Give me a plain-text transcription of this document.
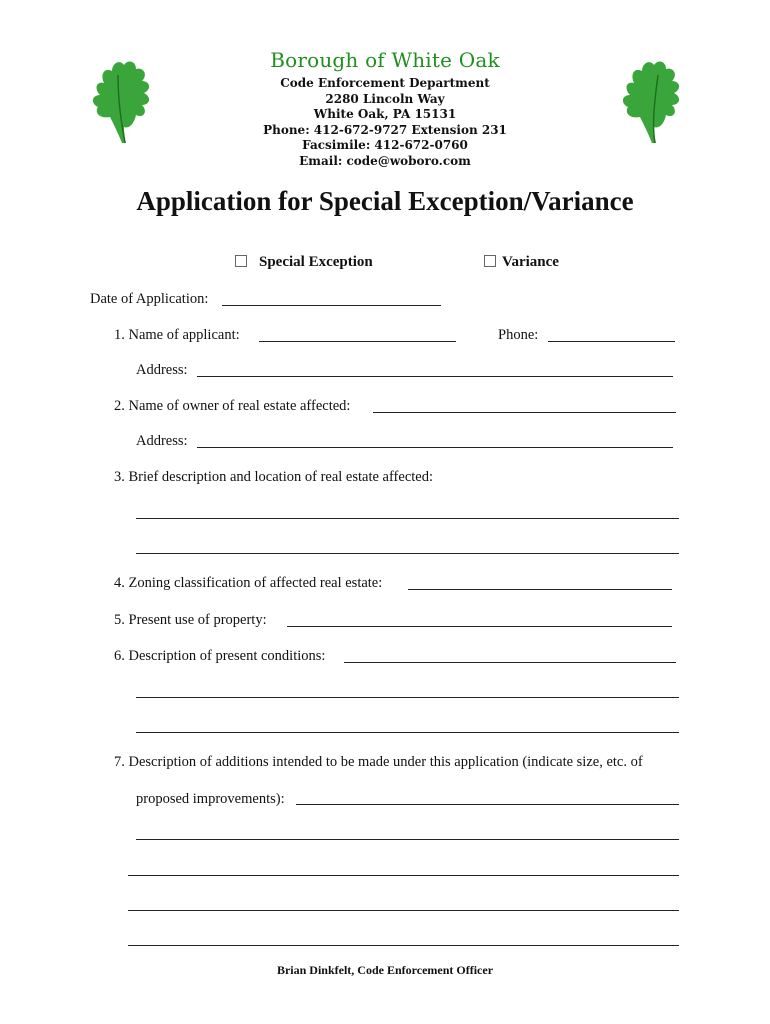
Borough of White Oak
Code Enforcement Department
2280 Lincoln Way
White Oak, PA 15131
Phone: 412-672-9727 Extension 231
Facsimile: 412-672-0760
Email: code@woboro.com
Application for Special Exception/Variance
Special Exception	Variance
Date of Application:
1. Name of applicant:	Phone:
Address:
2. Name of owner of real estate affected:
Address:
3. Brief description and location of real estate affected:
4. Zoning classification of affected real estate:
5. Present use of property:
6. Description of present conditions:
7. Description of additions intended to be made under this application (indicate size, etc. of
proposed improvements):
Brian Dinkfelt, Code Enforcement Officer
